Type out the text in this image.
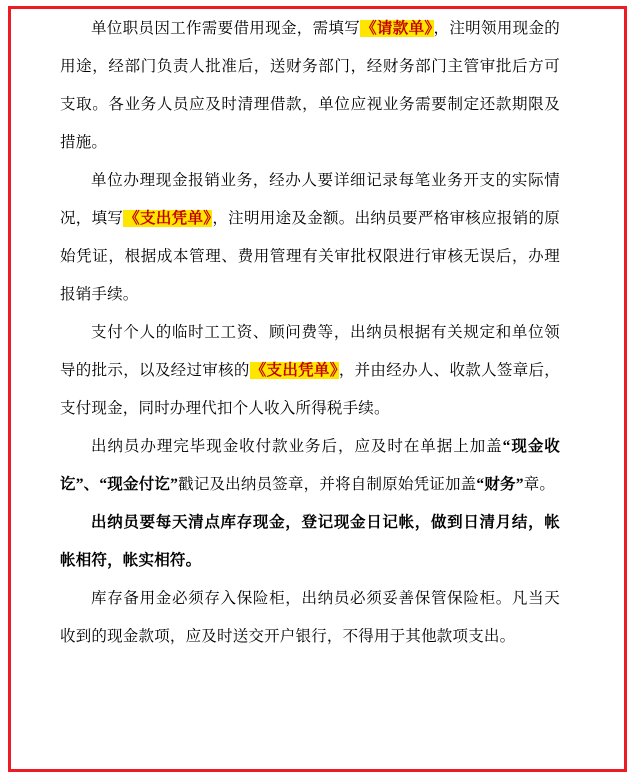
单位职员因工作需要借用现金，需填写《请款单》，注明领用现金的用途，经部门负责人批准后，送财务部门，经财务部门主管审批后方可支取。各业务人员应及时清理借款，单位应视业务需要制定还款期限及措施。

单位办理现金报销业务，经办人要详细记录每笔业务开支的实际情况，填写《支出凭单》，注明用途及金额。出纳员要严格审核应报销的原始凭证，根据成本管理、费用管理有关审批权限进行审核无误后，办理报销手续。

支付个人的临时工工资、顾问费等，出纳员根据有关规定和单位领导的批示，以及经过审核的《支出凭单》，并由经办人、收款人签章后，支付现金，同时办理代扣个人收入所得税手续。

出纳员办理完毕现金收付款业务后，应及时在单据上加盖“现金收讫”、“现金付讫”戳记及出纳员签章，并将自制原始凭证加盖“财务”章。

出纳员要每天清点库存现金，登记现金日记帐，做到日清月结，帐帐相符，帐实相符。

库存备用金必须存入保险柜，出纳员必须妥善保管保险柜。凡当天收到的现金款项，应及时送交开户银行，不得用于其他款项支出。
